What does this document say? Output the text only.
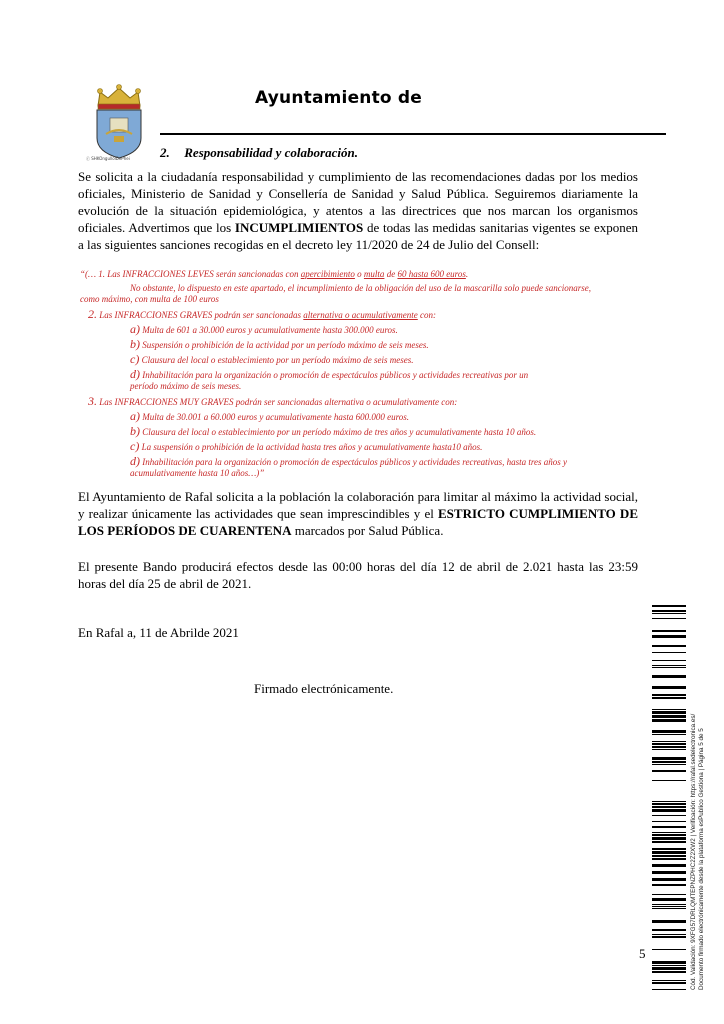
ⓕ SHKOngullolDePhei
Ayuntamiento de
2. Responsabilidad y colaboración.
Se solicita a la ciudadanía responsabilidad y cumplimiento de las recomendaciones dadas por los medios oficiales, Ministerio de Sanidad y Consellería de Sanidad y Salud Pública. Seguiremos diariamente la evolución de la situación epidemiológica, y atentos a las directrices que nos marcan los organismos oficiales. Advertimos que los INCUMPLIMIENTOS de todas las medidas sanitarias vigentes se exponen a las siguientes sanciones recogidas en el decreto ley 11/2020 de 24 de Julio del Consell:
“(… 1. Las INFRACCIONES LEVES serán sancionadas con apercibimiento o multa de 60 hasta 600 euros.
No obstante, lo dispuesto en este apartado, el incumplimiento de la obligación del uso de la mascarilla solo puede sancionarse,
como máximo, con multa de 100 euros
2. Las INFRACCIONES GRAVES podrán ser sancionadas alternativa o acumulativamente con:
a) Multa de 601 a 30.000 euros y acumulativamente hasta 300.000 euros.
b) Suspensión o prohibición de la actividad por un período máximo de seis meses.
c) Clausura del local o establecimiento por un período máximo de seis meses.
d) Inhabilitación para la organización o promoción de espectáculos públicos y actividades recreativas por un
período máximo de seis meses.
3. Las INFRACCIONES MUY GRAVES podrán ser sancionadas alternativa o acumulativamente con:
a) Multa de 30.001 a 60.000 euros y acumulativamente hasta 600.000 euros.
b) Clausura del local o establecimiento por un período máximo de tres años y acumulativamente hasta 10 años.
c) La suspensión o prohibición de la actividad hasta tres años y acumulativamente hasta10 años.
d) Inhabilitación para la organización o promoción de espectáculos públicos y actividades recreativas, hasta tres años y
acumulativamente hasta 10 años…)”
El Ayuntamiento de Rafal solicita a la población la colaboración para limitar al máximo la actividad social, y realizar únicamente las actividades que sean imprescindibles y el ESTRICTO CUMPLIMIENTO DE LOS PERÍODOS DE CUARENTENA marcados por Salud Pública.
El presente Bando producirá efectos desde las 00:00 horas del día 12 de abril de 2.021 hasta las 23:59 horas del día 25 de abril de 2021.
En Rafal a, 11 de Abrilde 2021
Firmado electrónicamente.
Cód. Validación: 9XFG57DRLQMTEPNZPHC2Z2XW2 | Verificación: https://rafal.sedelectronica.es/ Documento firmado electrónicamente desde la plataforma esPublico Gestiona | Página 5 de 5
5
